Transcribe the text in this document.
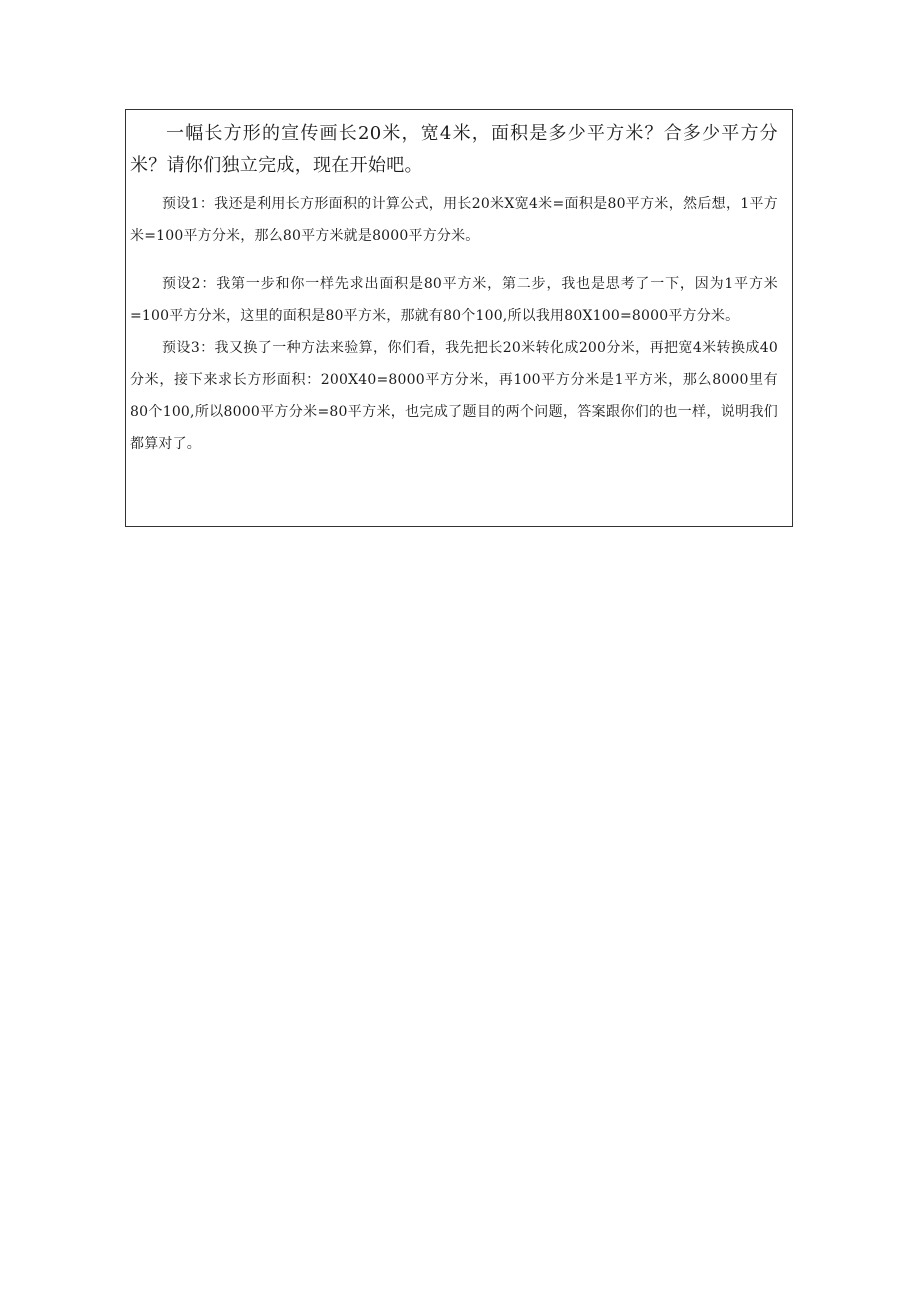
一幅长方形的宣传画长20米，宽4米，面积是多少平方米？合多少平方分米？请你们独立完成，现在开始吧。

预设1：我还是利用长方形面积的计算公式，用长20米X宽4米=面积是80平方米，然后想，1平方米=100平方分米，那么80平方米就是8000平方分米。

预设2：我第一步和你一样先求出面积是80平方米，第二步，我也是思考了一下，因为1平方米=100平方分米，这里的面积是80平方米，那就有80个100,所以我用80X100=8000平方分米。

预设3：我又换了一种方法来验算，你们看，我先把长20米转化成200分米，再把宽4米转换成40分米，接下来求长方形面积：200X40=8000平方分米，再100平方分米是1平方米，那么8000里有80个100,所以8000平方分米=80平方米，也完成了题目的两个问题，答案跟你们的也一样，说明我们都算对了。
